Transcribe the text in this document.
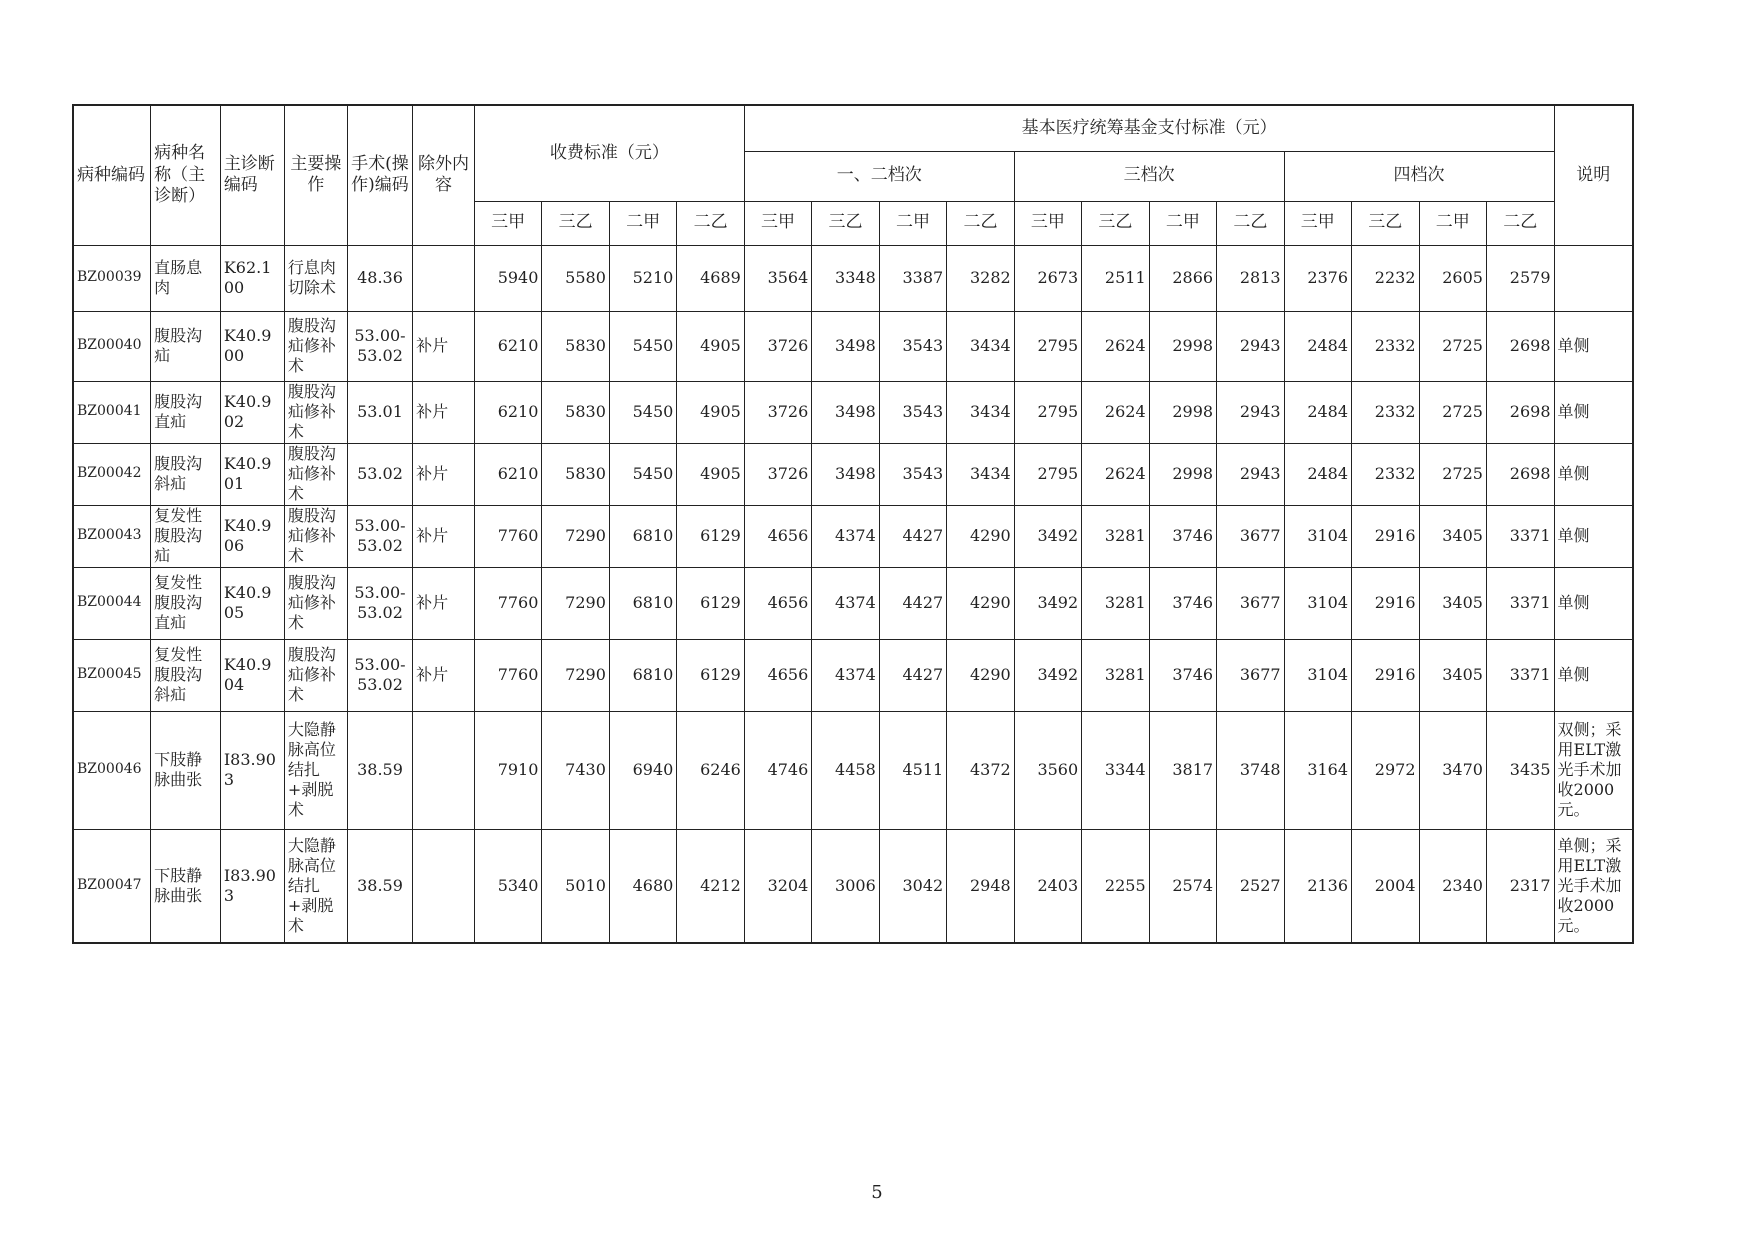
病种编码	病种名称（主诊断）	主诊断编码	主要操作	手术(操作)编码	除外内容	收费标准（元）				基本医疗统筹基金支付标准（元）												说明
										一、二档次				三档次				四档次				
						三甲	三乙	二甲	二乙	三甲	三乙	二甲	二乙	三甲	三乙	二甲	二乙	三甲	三乙	二甲	二乙	
BZ00039	直肠息肉	K62.100	行息肉切除术	48.36		5940	5580	5210	4689	3564	3348	3387	3282	2673	2511	2866	2813	2376	2232	2605	2579	
BZ00040	腹股沟疝	K40.900	腹股沟疝修补术	53.00-53.02	补片	6210	5830	5450	4905	3726	3498	3543	3434	2795	2624	2998	2943	2484	2332	2725	2698	单侧
BZ00041	腹股沟直疝	K40.902	腹股沟疝修补术	53.01	补片	6210	5830	5450	4905	3726	3498	3543	3434	2795	2624	2998	2943	2484	2332	2725	2698	单侧
BZ00042	腹股沟斜疝	K40.901	腹股沟疝修补术	53.02	补片	6210	5830	5450	4905	3726	3498	3543	3434	2795	2624	2998	2943	2484	2332	2725	2698	单侧
BZ00043	复发性腹股沟疝	K40.906	腹股沟疝修补术	53.00-53.02	补片	7760	7290	6810	6129	4656	4374	4427	4290	3492	3281	3746	3677	3104	2916	3405	3371	单侧
BZ00044	复发性腹股沟直疝	K40.905	腹股沟疝修补术	53.00-53.02	补片	7760	7290	6810	6129	4656	4374	4427	4290	3492	3281	3746	3677	3104	2916	3405	3371	单侧
BZ00045	复发性腹股沟斜疝	K40.904	腹股沟疝修补术	53.00-53.02	补片	7760	7290	6810	6129	4656	4374	4427	4290	3492	3281	3746	3677	3104	2916	3405	3371	单侧
BZ00046	下肢静脉曲张	I83.903	大隐静脉高位结扎+剥脱术	38.59		7910	7430	6940	6246	4746	4458	4511	4372	3560	3344	3817	3748	3164	2972	3470	3435	双侧；采用ELT激光手术加收2000元。
BZ00047	下肢静脉曲张	I83.903	大隐静脉高位结扎+剥脱术	38.59		5340	5010	4680	4212	3204	3006	3042	2948	2403	2255	2574	2527	2136	2004	2340	2317	单侧；采用ELT激光手术加收2000元。
5
